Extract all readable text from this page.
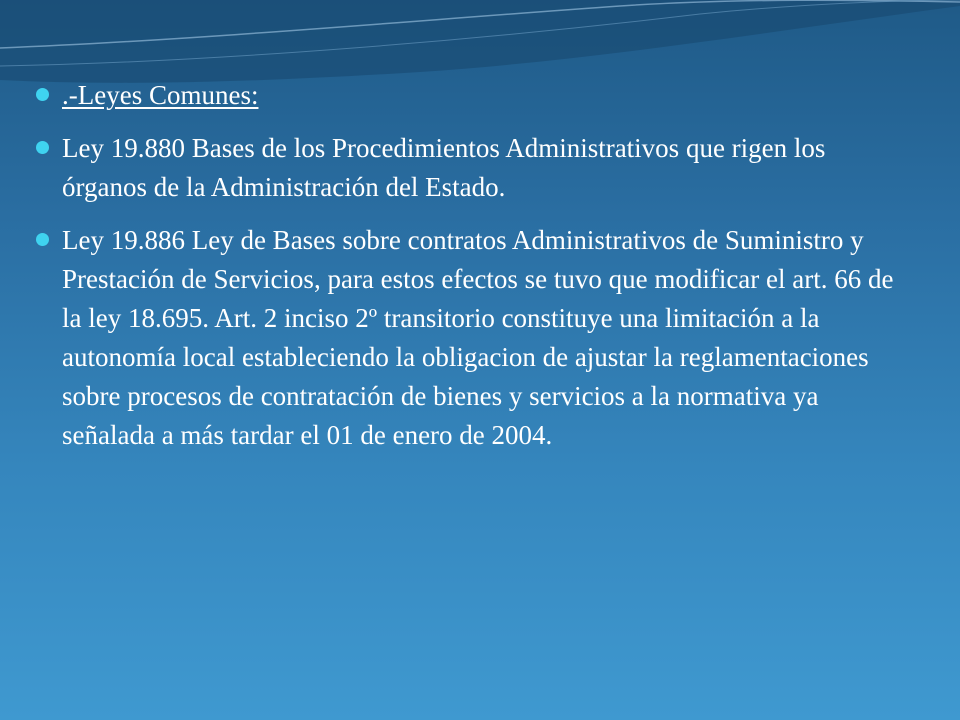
.-Leyes Comunes:
Ley 19.880 Bases de los Procedimientos Administrativos que rigen los órganos de la Administración del Estado.
Ley 19.886 Ley de Bases sobre contratos Administrativos de Suministro y Prestación de Servicios, para estos efectos se tuvo que modificar el art. 66 de la ley 18.695. Art. 2 inciso 2º transitorio constituye una limitación a la autonomía local estableciendo la obligacion de ajustar la reglamentaciones sobre procesos de contratación de bienes y servicios a la normativa ya señalada a más tardar el 01 de enero de 2004.
